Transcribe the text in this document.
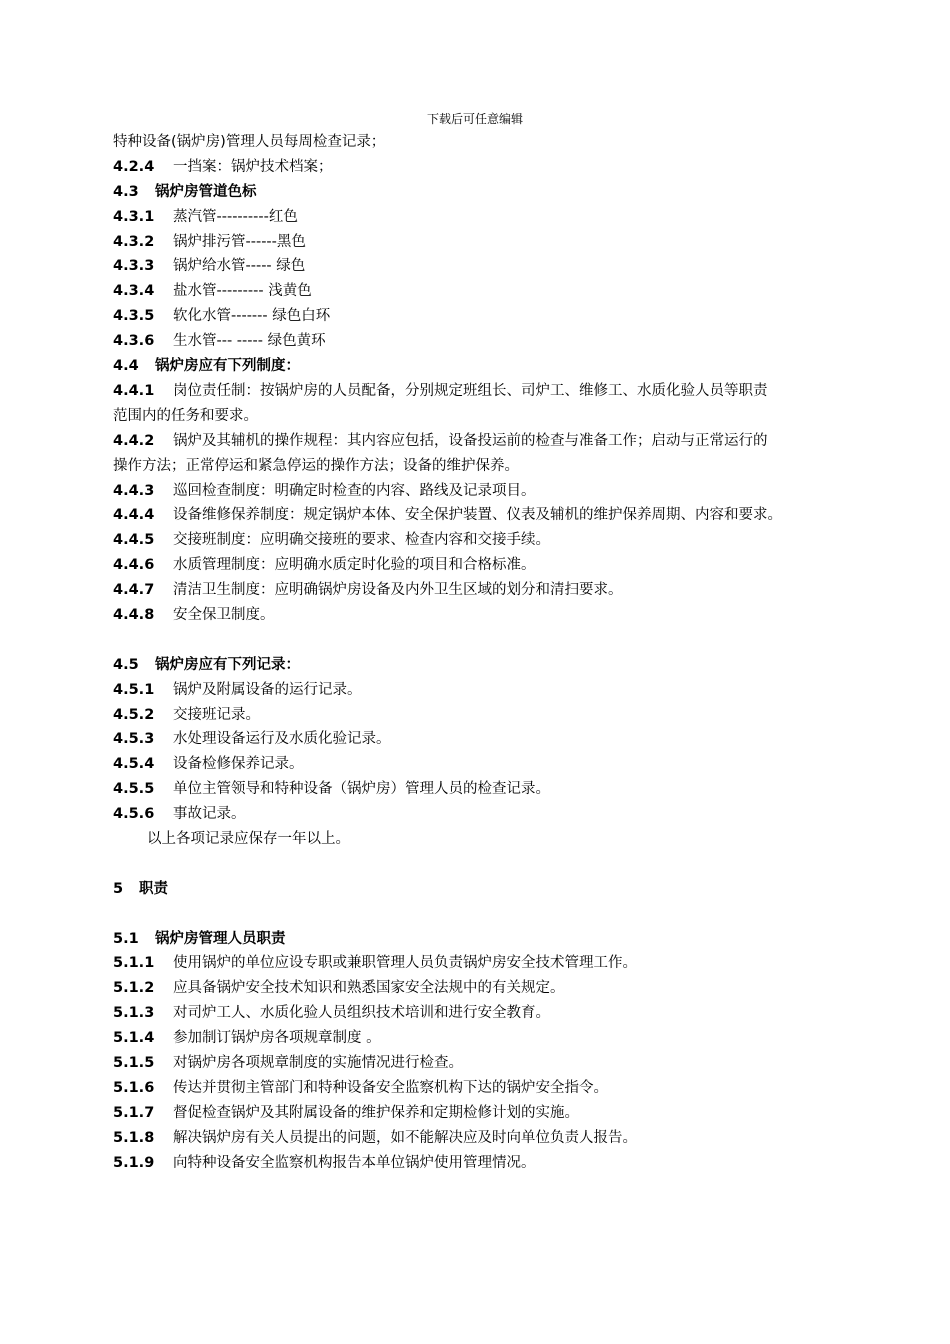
下载后可任意编辑
特种设备(锅炉房)管理人员每周检查记录；
4.2.4 一挡案：锅炉技术档案；
4.3 锅炉房管道色标
4.3.1 蒸汽管----------红色
4.3.2 锅炉排污管------黑色
4.3.3 锅炉给水管----- 绿色
4.3.4 盐水管--------- 浅黄色
4.3.5 软化水管------- 绿色白环
4.3.6 生水管--- ----- 绿色黄环
4.4 锅炉房应有下列制度：
4.4.1 岗位责任制：按锅炉房的人员配备，分别规定班组长、司炉工、维修工、水质化验人员等职责
范围内的任务和要求。
4.4.2 锅炉及其辅机的操作规程：其内容应包括，设备投运前的检查与准备工作；启动与正常运行的
操作方法；正常停运和紧急停运的操作方法；设备的维护保养。
4.4.3 巡回检查制度：明确定时检查的内容、路线及记录项目。
4.4.4 设备维修保养制度：规定锅炉本体、安全保护装置、仪表及辅机的维护保养周期、内容和要求。
4.4.5 交接班制度：应明确交接班的要求、检查内容和交接手续。
4.4.6 水质管理制度：应明确水质定时化验的项目和合格标准。
4.4.7 清洁卫生制度：应明确锅炉房设备及内外卫生区域的划分和清扫要求。
4.4.8 安全保卫制度。
4.5 锅炉房应有下列记录：
4.5.1 锅炉及附属设备的运行记录。
4.5.2 交接班记录。
4.5.3 水处理设备运行及水质化验记录。
4.5.4 设备检修保养记录。
4.5.5 单位主管领导和特种设备（锅炉房）管理人员的检查记录。
4.5.6 事故记录。
以上各项记录应保存一年以上。
5 职责
5.1 锅炉房管理人员职责
5.1.1 使用锅炉的单位应设专职或兼职管理人员负责锅炉房安全技术管理工作。
5.1.2 应具备锅炉安全技术知识和熟悉国家安全法规中的有关规定。
5.1.3 对司炉工人、水质化验人员组织技术培训和进行安全教育。
5.1.4 参加制订锅炉房各项规章制度 。
5.1.5 对锅炉房各项规章制度的实施情况进行检查。
5.1.6 传达并贯彻主管部门和特种设备安全监察机构下达的锅炉安全指令。
5.1.7 督促检查锅炉及其附属设备的维护保养和定期检修计划的实施。
5.1.8 解决锅炉房有关人员提出的问题，如不能解决应及时向单位负责人报告。
5.1.9 向特种设备安全监察机构报告本单位锅炉使用管理情况。
